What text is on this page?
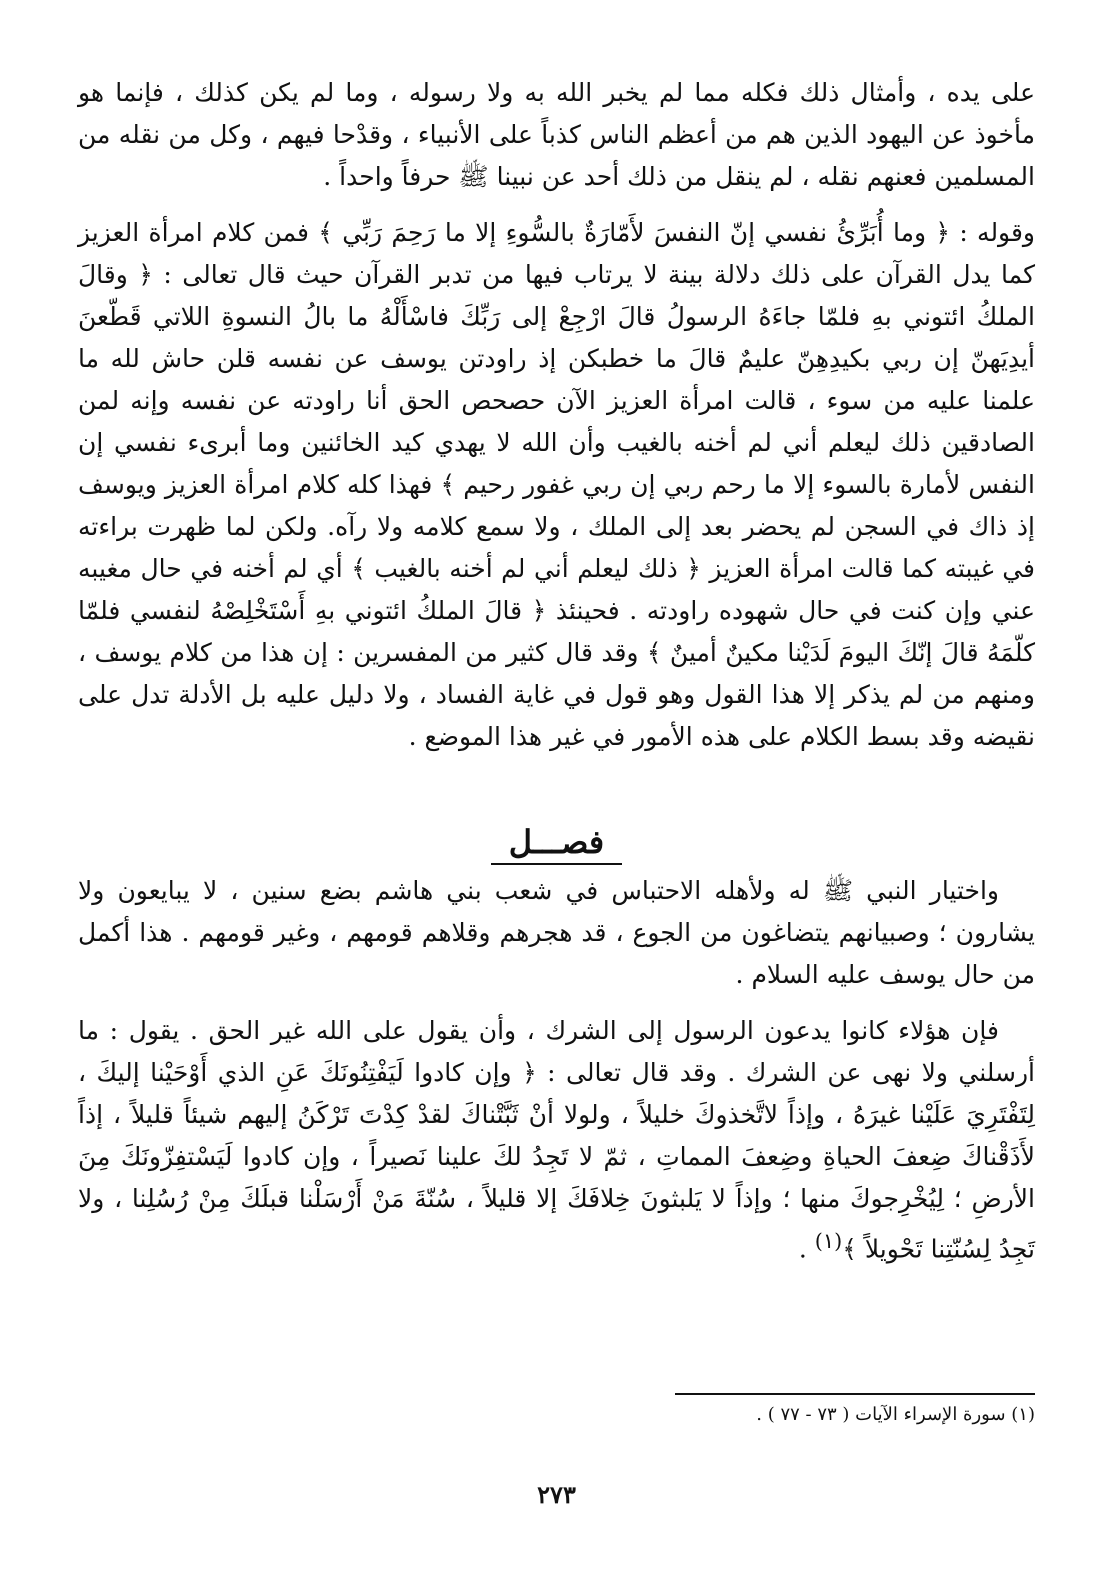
على يده ، وأمثال ذلك فكله مما لم يخبر الله به ولا رسوله ، وما لم يكن كذلك ، فإنما هو مأخوذ عن اليهود الذين هم من أعظم الناس كذباً على الأنبياء ، وقدْحا فيهم ، وكل من نقله من المسلمين فعنهم نقله ، لم ينقل من ذلك أحد عن نبينا ﷺ حرفاً واحداً .

وقوله : ﴿ وما أُبَرِّئُ نفسي إنّ النفسَ لأَمّارَةٌ بالسُّوءِ إلا ما رَحِمَ رَبِّي ﴾ فمن كلام امرأة العزيز كما يدل القرآن على ذلك دلالة بينة لا يرتاب فيها من تدبر القرآن حيث قال تعالى : ﴿ وقالَ الملكُ ائتوني بهِ فلمّا جاءَهُ الرسولُ قالَ ارْجِعْ إلى رَبِّكَ فاسْأَلْهُ ما بالُ النسوةِ اللاتي قَطّعنَ أيدِيَهنّ إن ربي بكيدِهِنّ عليمٌ قالَ ما خطبكن إذ راودتن يوسف عن نفسه قلن حاش لله ما علمنا عليه من سوء ، قالت امرأة العزيز الآن حصحص الحق أنا راودته عن نفسه وإنه لمن الصادقين ذلك ليعلم أني لم أخنه بالغيب وأن الله لا يهدي كيد الخائنين وما أبرىء نفسي إن النفس لأمارة بالسوء إلا ما رحم ربي إن ربي غفور رحيم ﴾ فهذا كله كلام امرأة العزيز ويوسف إذ ذاك في السجن لم يحضر بعد إلى الملك ، ولا سمع كلامه ولا رآه. ولكن لما ظهرت براءته في غيبته كما قالت امرأة العزيز ﴿ ذلك ليعلم أني لم أخنه بالغيب ﴾ أي لم أخنه في حال مغيبه عني وإن كنت في حال شهوده راودته . فحينئذ ﴿ قالَ الملكُ ائتوني بهِ أَسْتَخْلِصْهُ لنفسي فلمّا كلّمَهُ قالَ إنّكَ اليومَ لَدَيْنا مكينٌ أمينٌ ﴾ وقد قال كثير من المفسرين : إن هذا من كلام يوسف ، ومنهم من لم يذكر إلا هذا القول وهو قول في غاية الفساد ، ولا دليل عليه بل الأدلة تدل على نقيضه وقد بسط الكلام على هذه الأمور في غير هذا الموضع .

فصـــل

واختيار النبي ﷺ له ولأهله الاحتباس في شعب بني هاشم بضع سنين ، لا يبايعون ولا يشارون ؛ وصبيانهم يتضاغون من الجوع ، قد هجرهم وقلاهم قومهم ، وغير قومهم . هذا أكمل من حال يوسف عليه السلام .

فإن هؤلاء كانوا يدعون الرسول إلى الشرك ، وأن يقول على الله غير الحق . يقول : ما أرسلني ولا نهى عن الشرك . وقد قال تعالى : ﴿ وإن كادوا لَيَفْتِنُونَكَ عَنِ الذي أَوْحَيْنا إليكَ ، لِتَفْتَرِيَ عَلَيْنا غيرَهُ ، وإذاً لاتَّخذوكَ خليلاً ، ولولا أنْ ثَبَّتْناكَ لقدْ كِدْتَ تَرْكَنُ إليهم شيئاً قليلاً ، إذاً لأَذَقْناكَ ضِعفَ الحياةِ وضِعفَ المماتِ ، ثمّ لا تَجِدُ لكَ علينا نَصيراً ، وإن كادوا لَيَسْتفِزّونَكَ مِنَ الأرضِ ؛ لِيُخْرِجوكَ منها ؛ وإذاً لا يَلبثونَ خِلافَكَ إلا قليلاً ، سُنّةَ مَنْ أَرْسَلْنا قبلَكَ مِنْ رُسُلِنا ، ولا تَجِدُ لِسُنّتِنا تَحْويلاً ﴾$^{(١)}$ .

(١) سورة الإسراء الآيات ( ٧٣ - ٧٧ ) .
٢٧٣
